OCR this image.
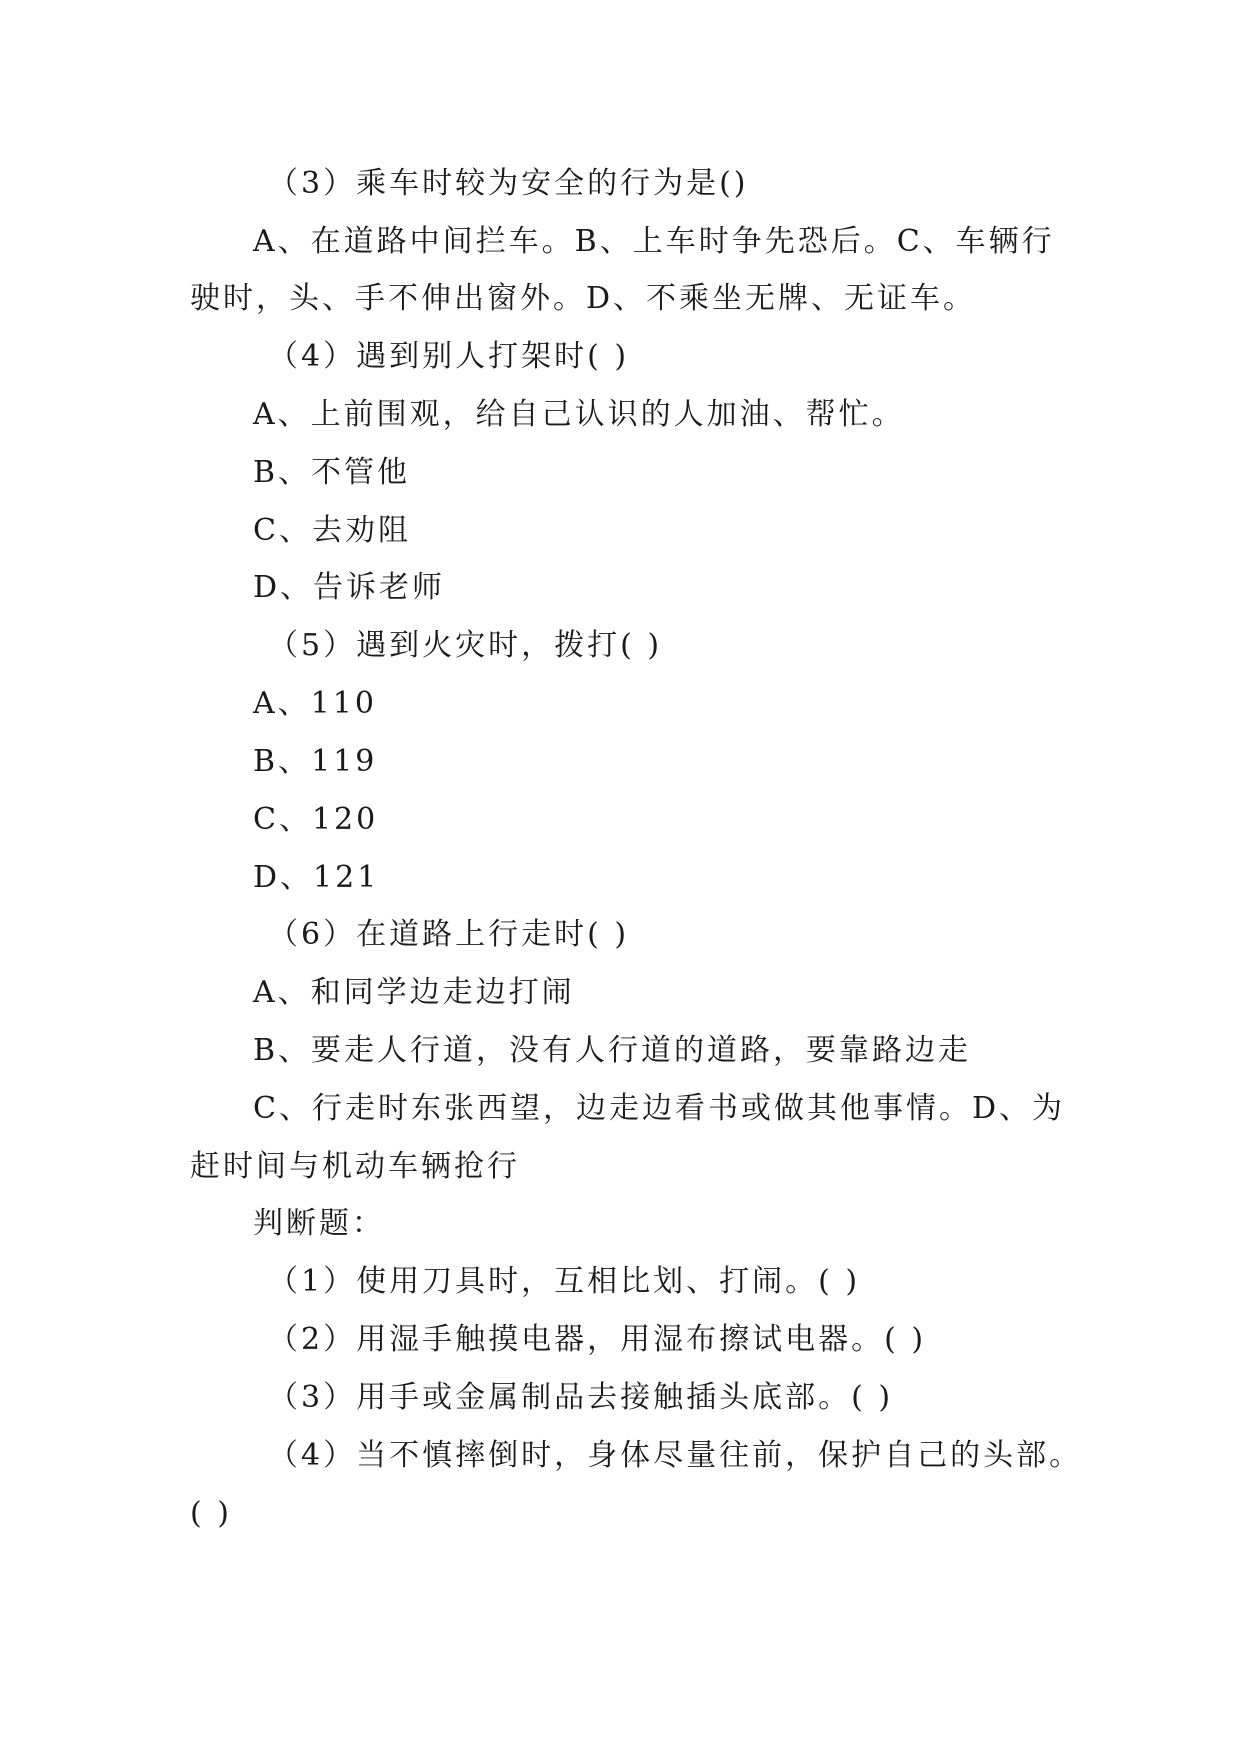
（3）乘车时较为安全的行为是()
A、在道路中间拦车。B、上车时争先恐后。C、车辆行
驶时，头、手不伸出窗外。D、不乘坐无牌、无证车。
（4）遇到别人打架时( )
A、上前围观，给自己认识的人加油、帮忙。
B、不管他
C、去劝阻
D、告诉老师
（5）遇到火灾时，拨打( )
A、110
B、119
C、120
D、121
（6）在道路上行走时( )
A、和同学边走边打闹
B、要走人行道，没有人行道的道路，要靠路边走
C、行走时东张西望，边走边看书或做其他事情。D、为
赶时间与机动车辆抢行
判断题：
（1）使用刀具时，互相比划、打闹。( )
（2）用湿手触摸电器，用湿布擦试电器。( )
（3）用手或金属制品去接触插头底部。( )
（4）当不慎摔倒时，身体尽量往前，保护自己的头部。
( )
